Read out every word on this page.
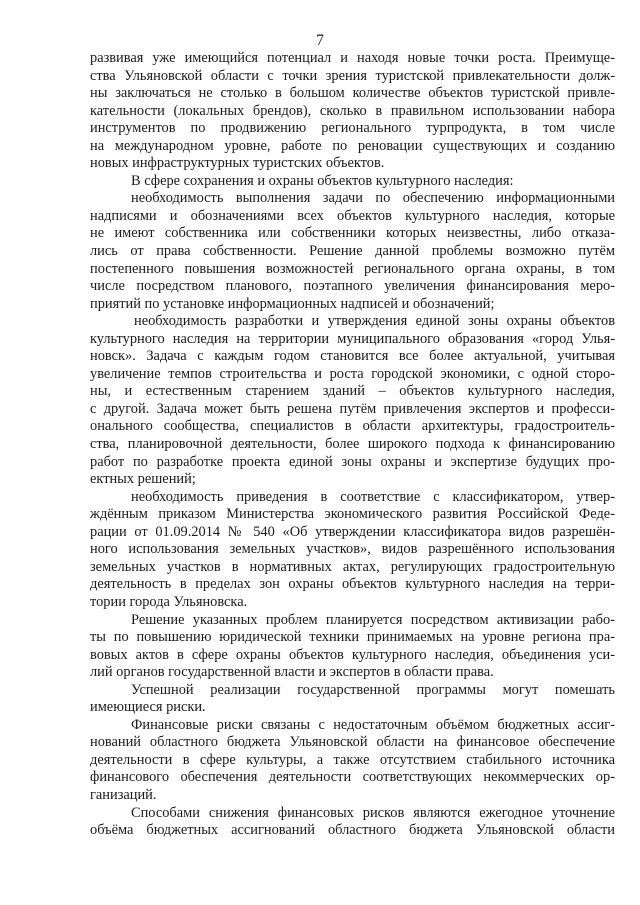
7
развивая уже имеющийся потенциал и находя новые точки роста. Преимуще-
ства Ульяновской области с точки зрения туристской привлекательности долж-
ны заключаться не столько в большом количестве объектов туристской привле-
кательности (локальных брендов), сколько в правильном использовании набора
инструментов по продвижению регионального турпродукта, в том числе
на международном уровне, работе по реновации существующих и созданию
новых инфраструктурных туристских объектов.
В сфере сохранения и охраны объектов культурного наследия:
необходимость выполнения задачи по обеспечению информационными
надписями и обозначениями всех объектов культурного наследия, которые
не имеют собственника или собственники которых неизвестны, либо отказа-
лись от права собственности. Решение данной проблемы возможно путём
постепенного повышения возможностей регионального органа охраны, в том
числе посредством планового, поэтапного увеличения финансирования меро-
приятий по установке информационных надписей и обозначений;
необходимость разработки и утверждения единой зоны охраны объектов
культурного наследия на территории муниципального образования «город Улья-
новск». Задача с каждым годом становится все более актуальной, учитывая
увеличение темпов строительства и роста городской экономики, с одной сторо-
ны, и естественным старением зданий – объектов культурного наследия,
с другой. Задача может быть решена путём привлечения экспертов и професси-
онального сообщества, специалистов в области архитектуры, градостроитель-
ства, планировочной деятельности, более широкого подхода к финансированию
работ по разработке проекта единой зоны охраны и экспертизе будущих про-
ектных решений;
необходимость приведения в соответствие с классификатором, утвер-
ждённым приказом Министерства экономического развития Российской Феде-
рации от 01.09.2014 № 540 «Об утверждении классификатора видов разрешён-
ного использования земельных участков», видов разрешённого использования
земельных участков в нормативных актах, регулирующих градостроительную
деятельность в пределах зон охраны объектов культурного наследия на терри-
тории города Ульяновска.
Решение указанных проблем планируется посредством активизации рабо-
ты по повышению юридической техники принимаемых на уровне региона пра-
вовых актов в сфере охраны объектов культурного наследия, объединения уси-
лий органов государственной власти и экспертов в области права.
Успешной реализации государственной программы могут помешать
имеющиеся риски.
Финансовые риски связаны с недостаточным объёмом бюджетных ассиг-
нований областного бюджета Ульяновской области на финансовое обеспечение
деятельности в сфере культуры, а также отсутствием стабильного источника
финансового обеспечения деятельности соответствующих некоммерческих ор-
ганизаций.
Способами снижения финансовых рисков являются ежегодное уточнение
объёма бюджетных ассигнований областного бюджета Ульяновской области
